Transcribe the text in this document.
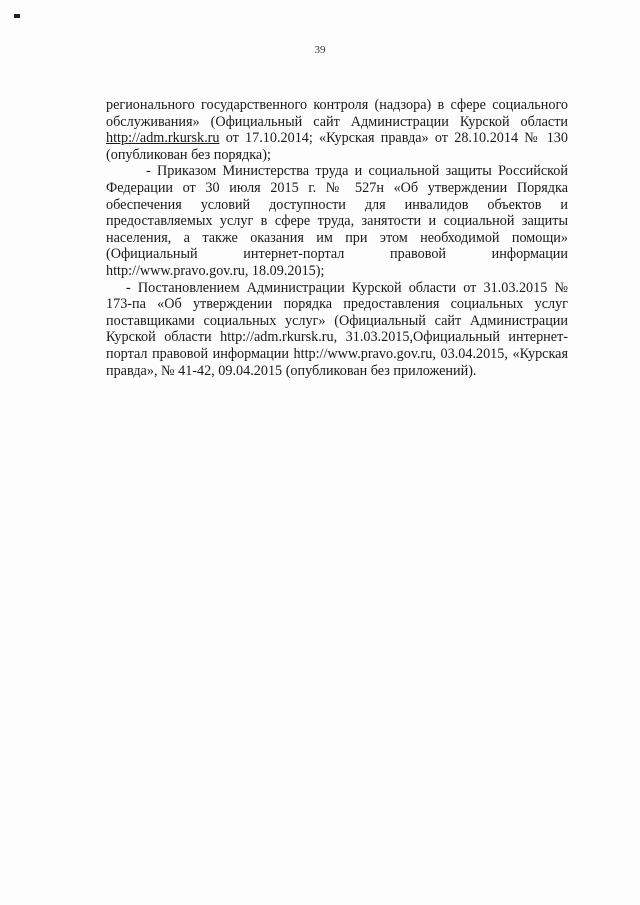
39

регионального государственного контроля (надзора) в сфере социального обслуживания» (Официальный сайт Администрации Курской области http://adm.rkursk.ru от 17.10.2014; «Курская правда» от 28.10.2014 № 130 (опубликован без порядка);

- Приказом Министерства труда и социальной защиты Российской Федерации от 30 июля 2015 г. № 527н «Об утверждении Порядка обеспечения условий доступности для инвалидов объектов и предоставляемых услуг в сфере труда, занятости и социальной защиты населения, а также оказания им при этом необходимой помощи» (Официальный интернет-портал правовой информации http://www.pravo.gov.ru, 18.09.2015);

- Постановлением Администрации Курской области от 31.03.2015 № 173-па «Об утверждении порядка предоставления социальных услуг поставщиками социальных услуг» (Официальный сайт Администрации Курской области http://adm.rkursk.ru, 31.03.2015,Официальный интернет-портал правовой информации http://www.pravo.gov.ru, 03.04.2015, «Курская правда», № 41-42, 09.04.2015 (опубликован без приложений).
